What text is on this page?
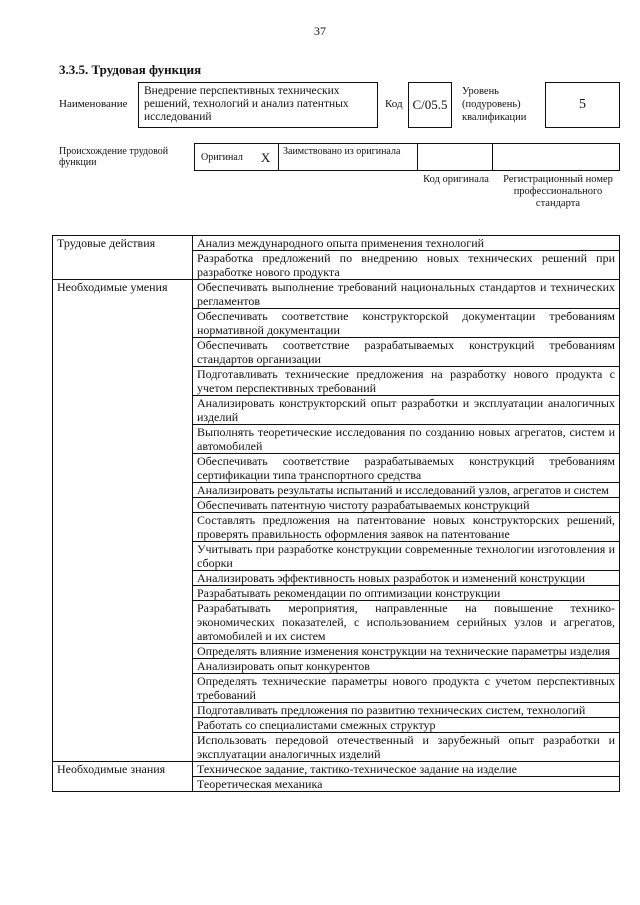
37
3.3.5. Трудовая функция
Наименование
Внедрение перспективных технических решений, технологий и анализ патентных исследований
Код C/05.5
Уровень (подуровень) квалификации
5
Происхождение трудовой функции	Оригинал X	Заимствовано из оригинала
Код оригинала	Регистрационный номер профессионального стандарта
Трудовые действия	Анализ международного опыта применения технологий
	Разработка предложений по внедрению новых технических решений при разработке нового продукта
Необходимые умения	Обеспечивать выполнение требований национальных стандартов и технических регламентов
	Обеспечивать соответствие конструкторской документации требованиям нормативной документации
	Обеспечивать соответствие разрабатываемых конструкций требованиям стандартов организации
	Подготавливать технические предложения на разработку нового продукта с учетом перспективных требований
	Анализировать конструкторский опыт разработки и эксплуатации аналогичных изделий
	Выполнять теоретические исследования по созданию новых агрегатов, систем и автомобилей
	Обеспечивать соответствие разрабатываемых конструкций требованиям сертификации типа транспортного средства
	Анализировать результаты испытаний и исследований узлов, агрегатов и систем
	Обеспечивать патентную чистоту разрабатываемых конструкций
	Составлять предложения на патентование новых конструкторских решений, проверять правильность оформления заявок на патентование
	Учитывать при разработке конструкции современные технологии изготовления и сборки
	Анализировать эффективность новых разработок и изменений конструкции
	Разрабатывать рекомендации по оптимизации конструкции
	Разрабатывать мероприятия, направленные на повышение технико-экономических показателей, с использованием серийных узлов и агрегатов, автомобилей и их систем
	Определять влияние изменения конструкции на технические параметры изделия
	Анализировать опыт конкурентов
	Определять технические параметры нового продукта с учетом перспективных требований
	Подготавливать предложения по развитию технических систем, технологий
	Работать со специалистами смежных структур
	Использовать передовой отечественный и зарубежный опыт разработки и эксплуатации аналогичных изделий
Необходимые знания	Техническое задание, тактико-техническое задание на изделие
	Теоретическая механика
